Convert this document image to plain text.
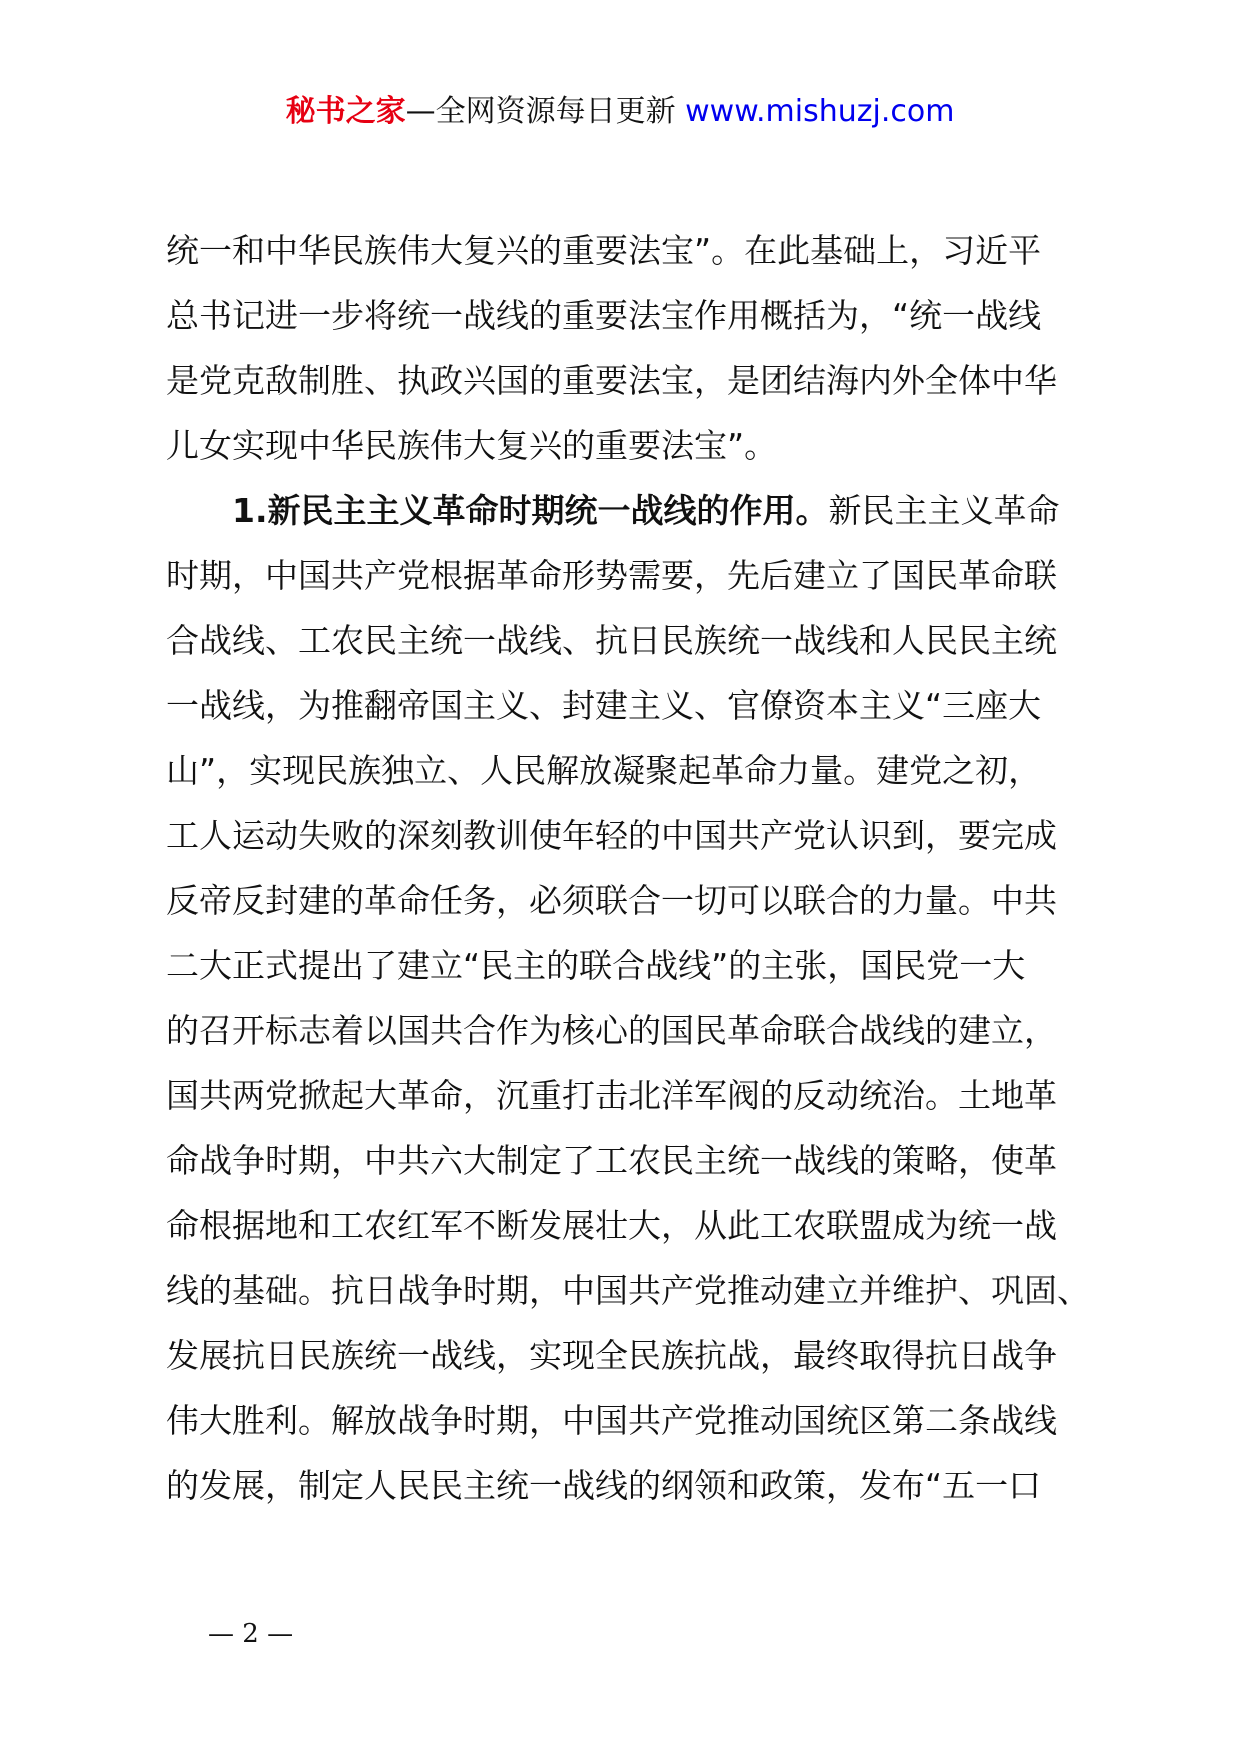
秘书之家—全网资源每日更新 www.mishuzj.com
统一和中华民族伟大复兴的重要法宝”。在此基础上，习近平
总书记进一步将统一战线的重要法宝作用概括为，“统一战线
是党克敌制胜、执政兴国的重要法宝，是团结海内外全体中华
儿女实现中华民族伟大复兴的重要法宝”。
1.新民主主义革命时期统一战线的作用。新民主主义革命
时期，中国共产党根据革命形势需要，先后建立了国民革命联
合战线、工农民主统一战线、抗日民族统一战线和人民民主统
一战线，为推翻帝国主义、封建主义、官僚资本主义“三座大
山”，实现民族独立、人民解放凝聚起革命力量。建党之初，
工人运动失败的深刻教训使年轻的中国共产党认识到，要完成
反帝反封建的革命任务，必须联合一切可以联合的力量。中共
二大正式提出了建立“民主的联合战线”的主张，国民党一大
的召开标志着以国共合作为核心的国民革命联合战线的建立，
国共两党掀起大革命，沉重打击北洋军阀的反动统治。土地革
命战争时期，中共六大制定了工农民主统一战线的策略，使革
命根据地和工农红军不断发展壮大，从此工农联盟成为统一战
线的基础。抗日战争时期，中国共产党推动建立并维护、巩固、
发展抗日民族统一战线，实现全民族抗战，最终取得抗日战争
伟大胜利。解放战争时期，中国共产党推动国统区第二条战线
的发展，制定人民民主统一战线的纲领和政策，发布“五一口
— 2 —
